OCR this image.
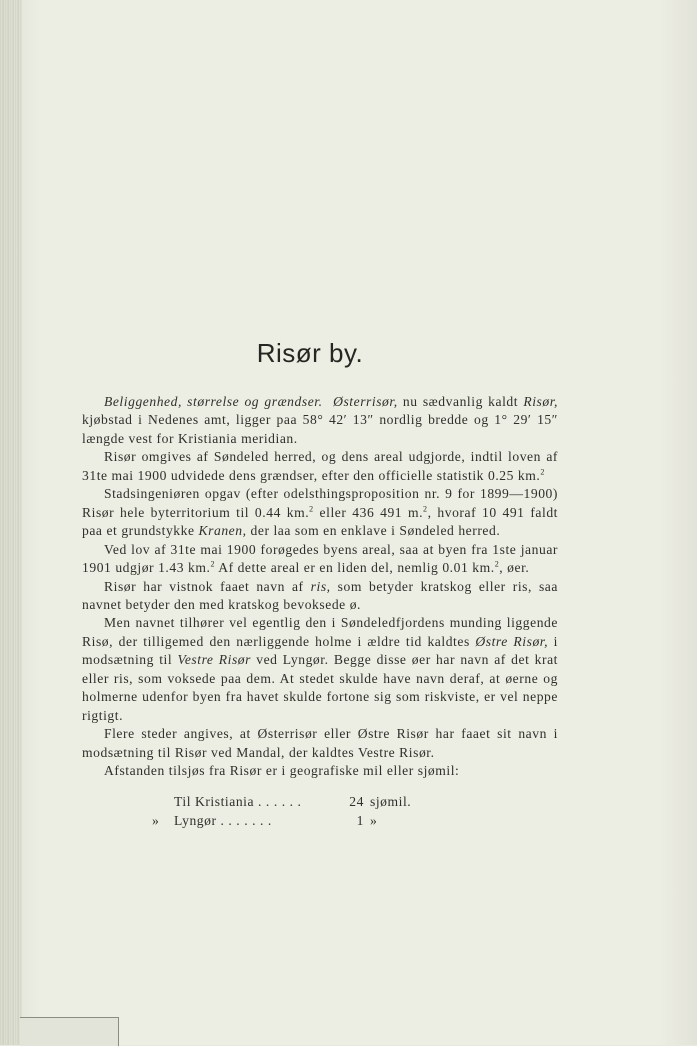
Risør by.

Beliggenhed, størrelse og grændser. Østerrisør, nu sædvanlig kaldt Risør, kjøbstad i Nedenes amt, ligger paa 58° 42′ 13″ nordlig bredde og 1° 29′ 15″ længde vest for Kristiania meridian.

Risør omgives af Søndeled herred, og dens areal udgjorde, indtil loven af 31te mai 1900 udvidede dens grændser, efter den officielle statistik 0.25 km.$^2$

Stadsingeniøren opgav (efter odelsthingsproposition nr. 9 for 1899—1900) Risør hele byterritorium til 0.44 km.$^2$ eller 436 491 m.$^2$, hvoraf 10 491 faldt paa et grundstykke Kranen, der laa som en enklave i Søndeled herred.

Ved lov af 31te mai 1900 forøgedes byens areal, saa at byen fra 1ste januar 1901 udgjør 1.43 km.$^2$ Af dette areal er en liden del, nemlig 0.01 km.$^2$, øer.

Risør har vistnok faaet navn af ris, som betyder kratskog eller ris, saa navnet betyder den med kratskog bevoksede ø.

Men navnet tilhører vel egentlig den i Søndeledfjordens munding liggende Risø, der tilligemed den nærliggende holme i ældre tid kaldtes Østre Risør, i modsætning til Vestre Risør ved Lyngør. Begge disse øer har navn af det krat eller ris, som voksede paa dem. At stedet skulde have navn deraf, at øerne og holmerne udenfor byen fra havet skulde fortone sig som riskviste, er vel neppe rigtigt.

Flere steder angives, at Østerrisør eller Østre Risør har faaet sit navn i modsætning til Risør ved Mandal, der kaldtes Vestre Risør.

Afstanden tilsjøs fra Risør er i geografiske mil eller sjømil:

Til Kristiania . . . . . .	24 sjømil.
»	Lyngør . . . . . . .	1 »
